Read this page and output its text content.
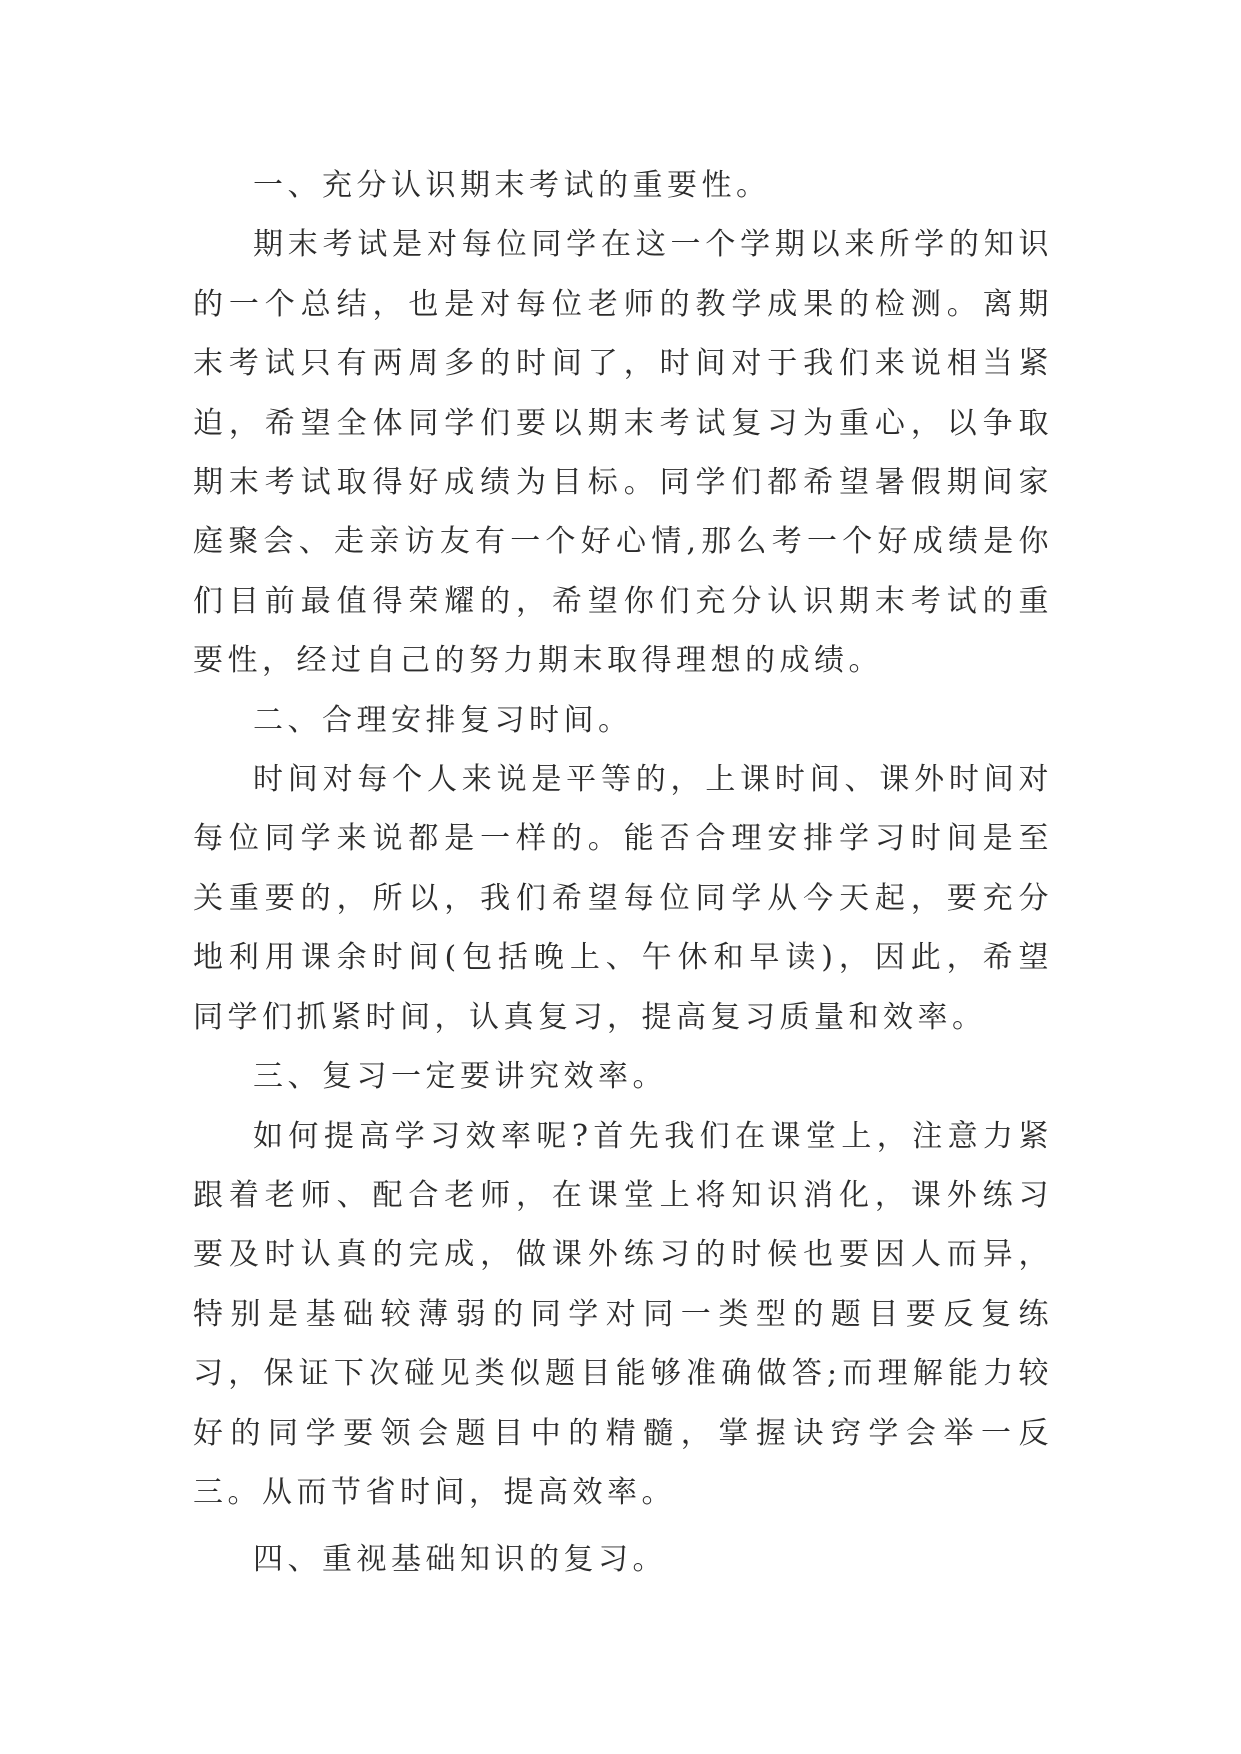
一、充分认识期末考试的重要性。

期末考试是对每位同学在这一个学期以来所学的知识的一个总结，也是对每位老师的教学成果的检测。离期末考试只有两周多的时间了，时间对于我们来说相当紧迫，希望全体同学们要以期末考试复习为重心，以争取期末考试取得好成绩为目标。同学们都希望暑假期间家庭聚会、走亲访友有一个好心情,那么考一个好成绩是你们目前最值得荣耀的，希望你们充分认识期末考试的重要性，经过自己的努力期末取得理想的成绩。

二、合理安排复习时间。

时间对每个人来说是平等的，上课时间、课外时间对每位同学来说都是一样的。能否合理安排学习时间是至关重要的，所以，我们希望每位同学从今天起，要充分地利用课余时间(包括晚上、午休和早读)，因此，希望同学们抓紧时间，认真复习，提高复习质量和效率。

三、复习一定要讲究效率。

如何提高学习效率呢?首先我们在课堂上，注意力紧跟着老师、配合老师，在课堂上将知识消化，课外练习要及时认真的完成，做课外练习的时候也要因人而异，特别是基础较薄弱的同学对同一类型的题目要反复练习，保证下次碰见类似题目能够准确做答;而理解能力较好的同学要领会题目中的精髓，掌握诀窍学会举一反三。从而节省时间，提高效率。

四、重视基础知识的复习。
